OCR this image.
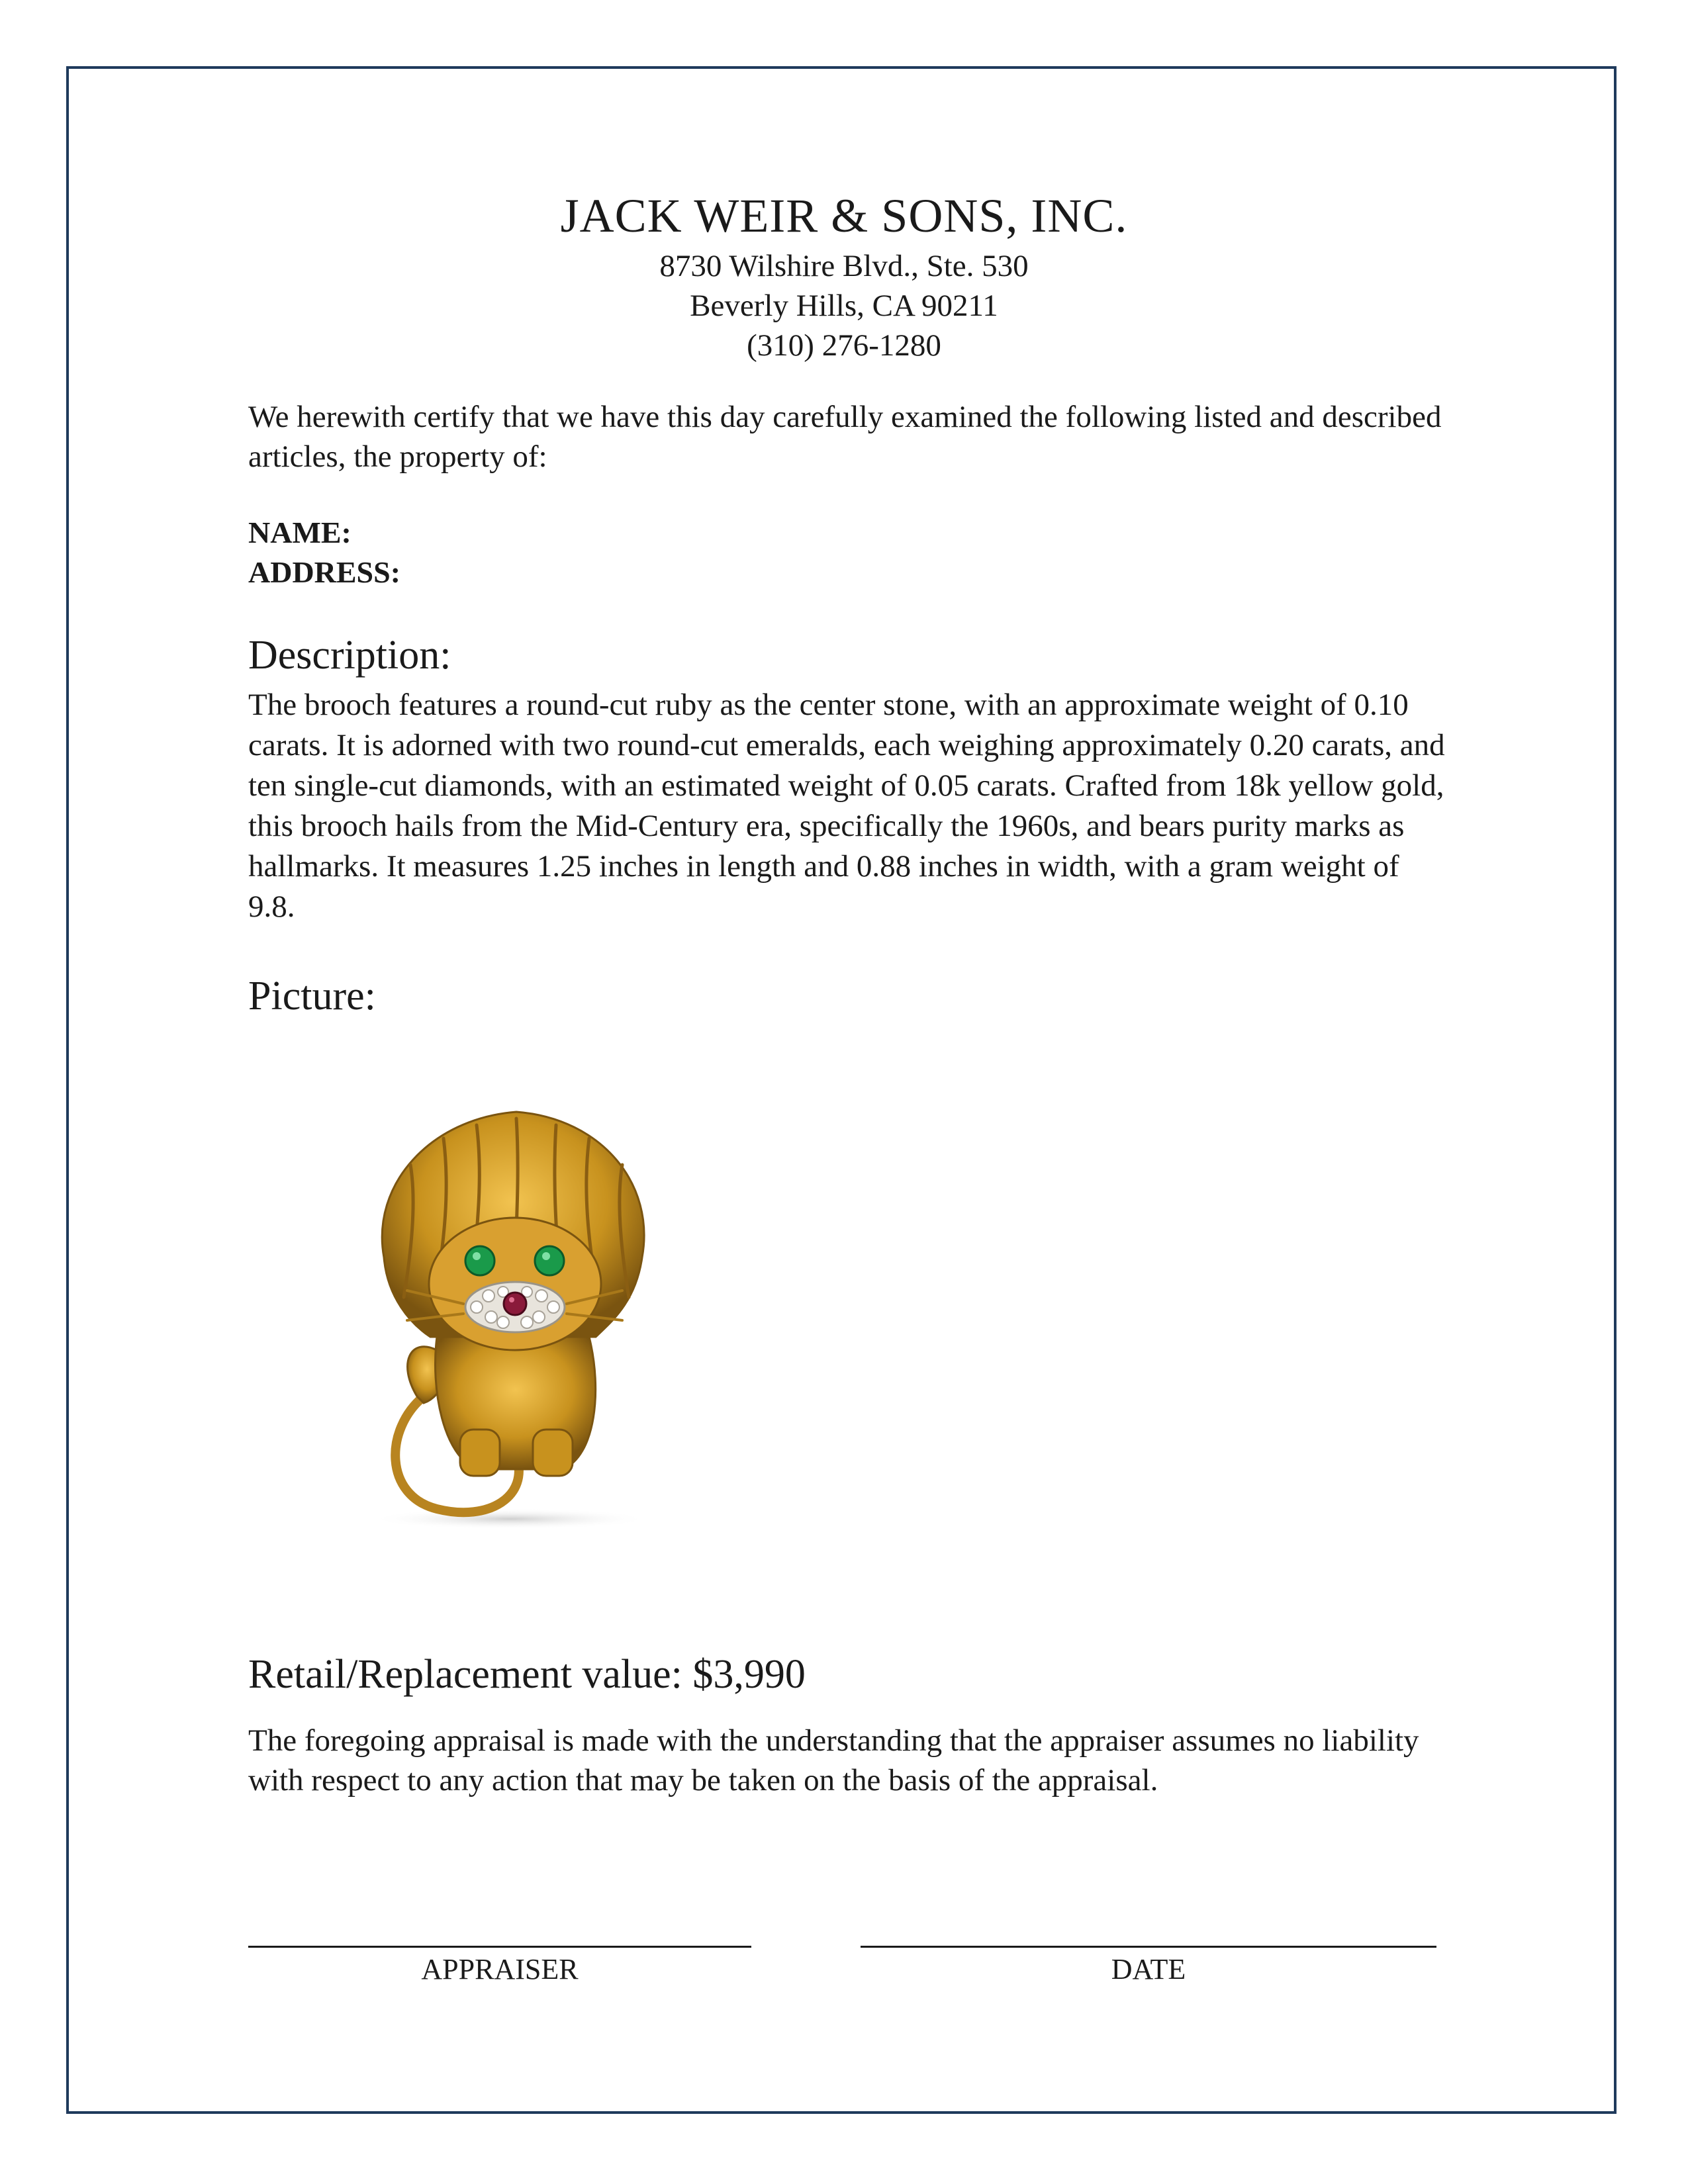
JACK WEIR & SONS, INC.
8730 Wilshire Blvd., Ste. 530
Beverly Hills, CA 90211
(310) 276-1280
We herewith certify that we have this day carefully examined the following listed and described articles, the property of:
NAME:
ADDRESS:
Description:
The brooch features a round-cut ruby as the center stone, with an approximate weight of 0.10 carats. It is adorned with two round-cut emeralds, each weighing approximately 0.20 carats, and ten single-cut diamonds, with an estimated weight of 0.05 carats. Crafted from 18k yellow gold, this brooch hails from the Mid-Century era, specifically the 1960s, and bears purity marks as hallmarks. It measures 1.25 inches in length and 0.88 inches in width, with a gram weight of 9.8.
Picture:
Retail/Replacement value: $3,990
The foregoing appraisal is made with the understanding that the appraiser assumes no liability with respect to any action that may be taken on the basis of the appraisal.
APPRAISER	DATE
